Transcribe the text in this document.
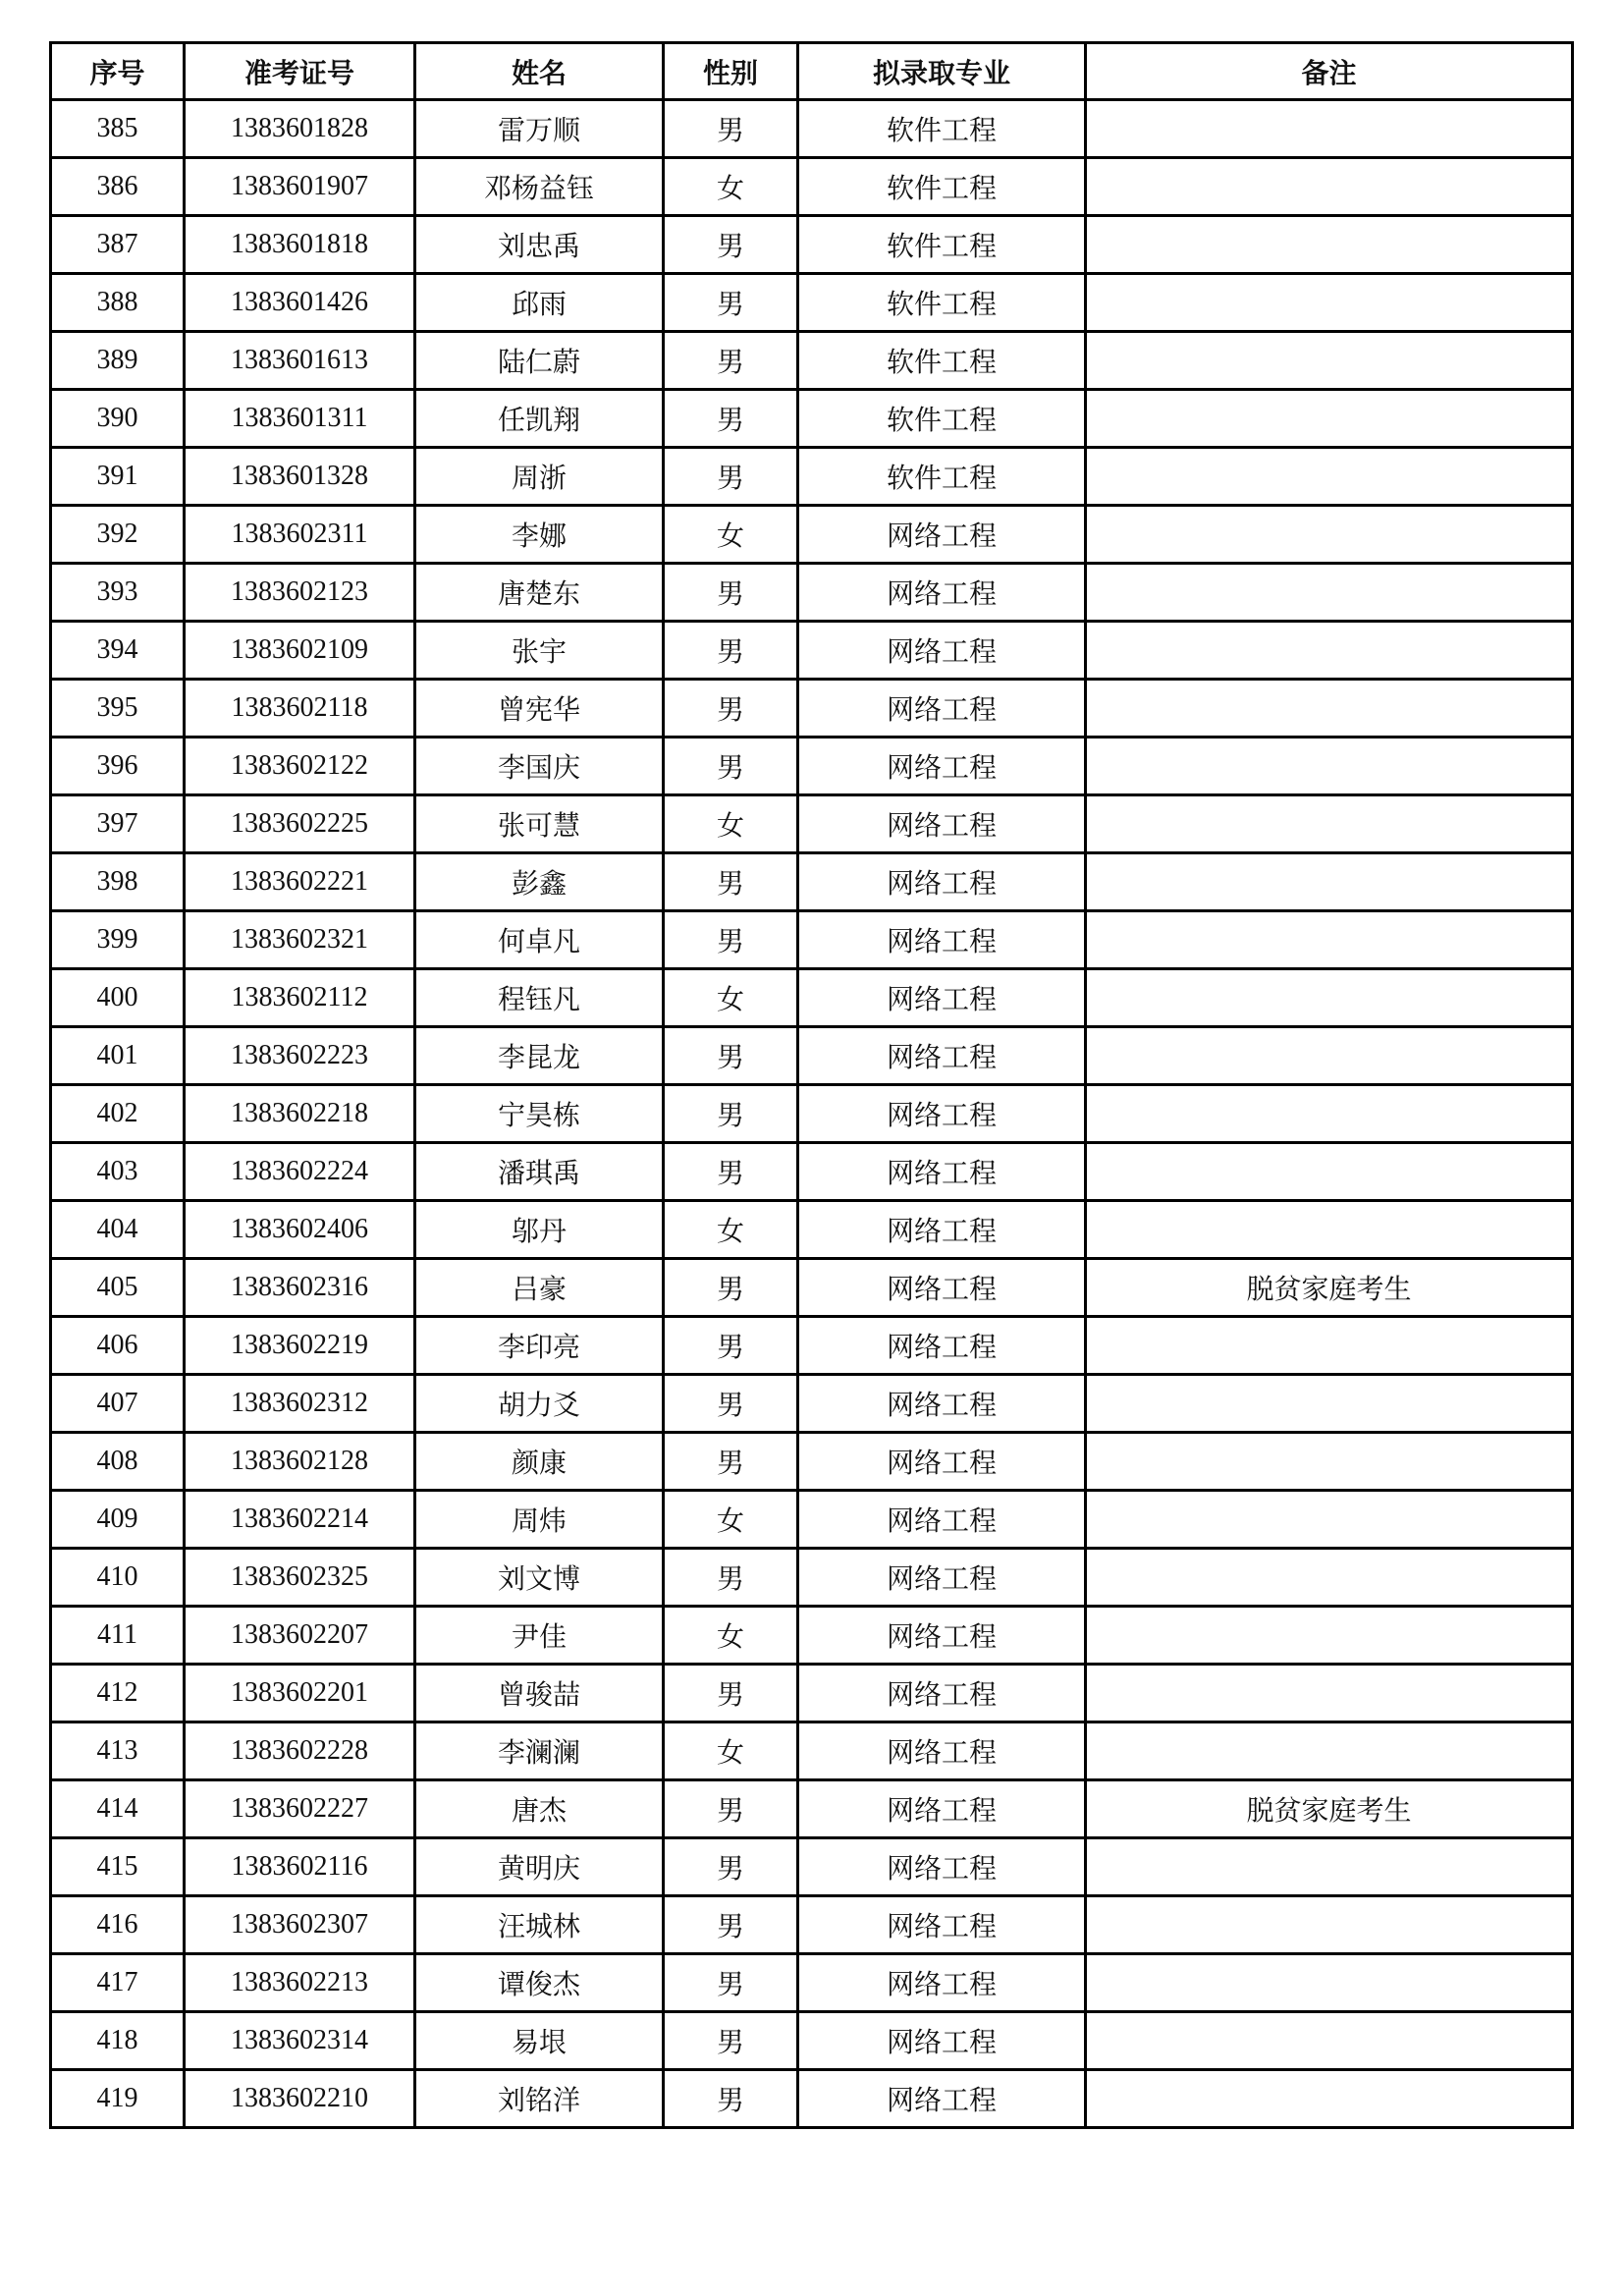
序号	准考证号	姓名	性别	拟录取专业	备注
385	1383601828	雷万顺	男	软件工程	
386	1383601907	邓杨益钰	女	软件工程	
387	1383601818	刘忠禹	男	软件工程	
388	1383601426	邱雨	男	软件工程	
389	1383601613	陆仁蔚	男	软件工程	
390	1383601311	任凯翔	男	软件工程	
391	1383601328	周浙	男	软件工程	
392	1383602311	李娜	女	网络工程	
393	1383602123	唐楚东	男	网络工程	
394	1383602109	张宇	男	网络工程	
395	1383602118	曾宪华	男	网络工程	
396	1383602122	李国庆	男	网络工程	
397	1383602225	张可慧	女	网络工程	
398	1383602221	彭鑫	男	网络工程	
399	1383602321	何卓凡	男	网络工程	
400	1383602112	程钰凡	女	网络工程	
401	1383602223	李昆龙	男	网络工程	
402	1383602218	宁昊栋	男	网络工程	
403	1383602224	潘琪禹	男	网络工程	
404	1383602406	邬丹	女	网络工程	
405	1383602316	吕豪	男	网络工程	脱贫家庭考生
406	1383602219	李印亮	男	网络工程	
407	1383602312	胡力爻	男	网络工程	
408	1383602128	颜康	男	网络工程	
409	1383602214	周炜	女	网络工程	
410	1383602325	刘文博	男	网络工程	
411	1383602207	尹佳	女	网络工程	
412	1383602201	曾骏喆	男	网络工程	
413	1383602228	李澜澜	女	网络工程	
414	1383602227	唐杰	男	网络工程	脱贫家庭考生
415	1383602116	黄明庆	男	网络工程	
416	1383602307	汪城林	男	网络工程	
417	1383602213	谭俊杰	男	网络工程	
418	1383602314	易垠	男	网络工程	
419	1383602210	刘铭洋	男	网络工程	
